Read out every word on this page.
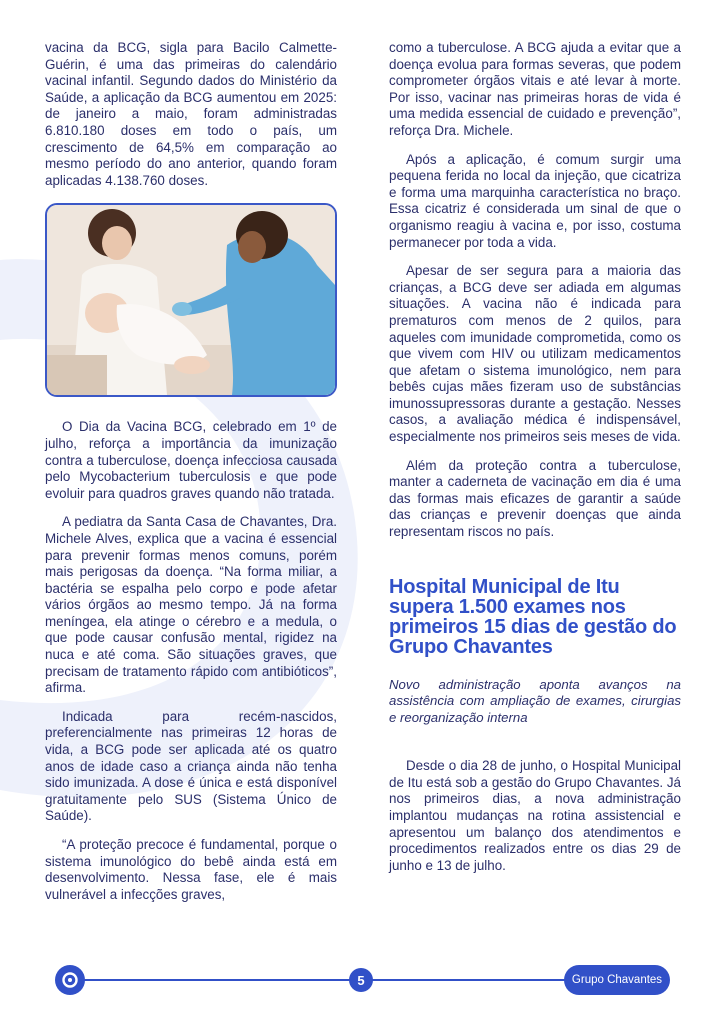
vacina da BCG, sigla para Bacilo Calmette-Guérin, é uma das primeiras do calendário vacinal infantil. Segundo dados do Ministério da Saúde, a aplicação da BCG aumentou em 2025: de janeiro a maio, foram administradas 6.810.180 doses em todo o país, um crescimento de 64,5% em comparação ao mesmo período do ano anterior, quando foram aplicadas 4.138.760 doses.

O Dia da Vacina BCG, celebrado em 1º de julho, reforça a importância da imunização contra a tuberculose, doença infecciosa causada pelo Mycobacterium tuberculosis e que pode evoluir para quadros graves quando não tratada.

A pediatra da Santa Casa de Chavantes, Dra. Michele Alves, explica que a vacina é essencial para prevenir formas menos comuns, porém mais perigosas da doença. “Na forma miliar, a bactéria se espalha pelo corpo e pode afetar vários órgãos ao mesmo tempo. Já na forma meníngea, ela atinge o cérebro e a medula, o que pode causar confusão mental, rigidez na nuca e até coma. São situações graves, que precisam de tratamento rápido com antibióticos”, afirma.

Indicada para recém-nascidos, preferencialmente nas primeiras 12 horas de vida, a BCG pode ser aplicada até os quatro anos de idade caso a criança ainda não tenha sido imunizada. A dose é única e está disponível gratuitamente pelo SUS (Sistema Único de Saúde).

“A proteção precoce é fundamental, porque o sistema imunológico do bebê ainda está em desenvolvimento. Nessa fase, ele é mais vulnerável a infecções graves,

como a tuberculose. A BCG ajuda a evitar que a doença evolua para formas severas, que podem comprometer órgãos vitais e até levar à morte. Por isso, vacinar nas primeiras horas de vida é uma medida essencial de cuidado e prevenção”, reforça Dra. Michele.

Após a aplicação, é comum surgir uma pequena ferida no local da injeção, que cicatriza e forma uma marquinha característica no braço. Essa cicatriz é considerada um sinal de que o organismo reagiu à vacina e, por isso, costuma permanecer por toda a vida.

Apesar de ser segura para a maioria das crianças, a BCG deve ser adiada em algumas situações. A vacina não é indicada para prematuros com menos de 2 quilos, para aqueles com imunidade comprometida, como os que vivem com HIV ou utilizam medicamentos que afetam o sistema imunológico, nem para bebês cujas mães fizeram uso de substâncias imunossupressoras durante a gestação. Nesses casos, a avaliação médica é indispensável, especialmente nos primeiros seis meses de vida.

Além da proteção contra a tuberculose, manter a caderneta de vacinação em dia é uma das formas mais eficazes de garantir a saúde das crianças e prevenir doenças que ainda representam riscos no país.

Hospital Municipal de Itu supera 1.500 exames nos primeiros 15 dias de gestão do Grupo Chavantes
Novo administração aponta avanços na assistência com ampliação de exames, cirurgias e reorganização interna

Desde o dia 28 de junho, o Hospital Municipal de Itu está sob a gestão do Grupo Chavantes. Já nos primeiros dias, a nova administração implantou mudanças na rotina assistencial e apresentou um balanço dos atendimentos e procedimentos realizados entre os dias 29 de junho e 13 de julho.

5	Grupo Chavantes
